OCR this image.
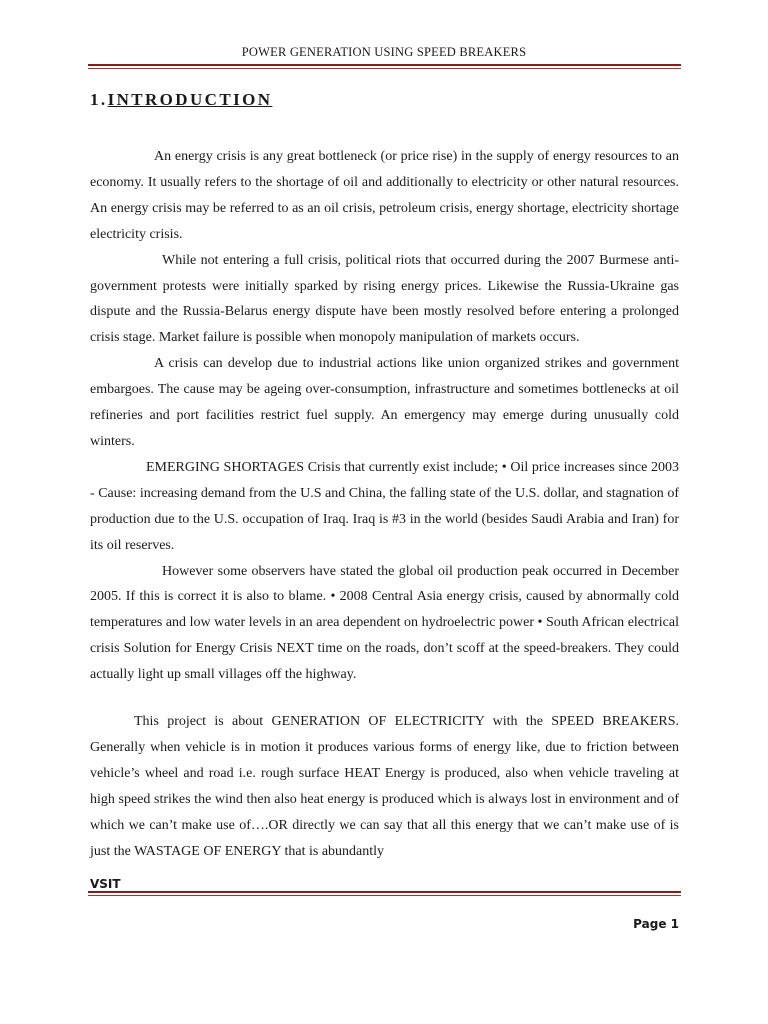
POWER GENERATION USING SPEED BREAKERS
1.INTRODUCTION

An energy crisis is any great bottleneck (or price rise) in the supply of energy resources to an economy. It usually refers to the shortage of oil and additionally to electricity or other natural resources. An energy crisis may be referred to as an oil crisis, petroleum crisis, energy shortage, electricity shortage electricity crisis.

While not entering a full crisis, political riots that occurred during the 2007 Burmese anti-government protests were initially sparked by rising energy prices. Likewise the Russia-Ukraine gas dispute and the Russia-Belarus energy dispute have been mostly resolved before entering a prolonged crisis stage. Market failure is possible when monopoly manipulation of markets occurs.

A crisis can develop due to industrial actions like union organized strikes and government embargoes. The cause may be ageing over-consumption, infrastructure and sometimes bottlenecks at oil refineries and port facilities restrict fuel supply. An emergency may emerge during unusually cold winters.

EMERGING SHORTAGES Crisis that currently exist include; • Oil price increases since 2003 - Cause: increasing demand from the U.S and China, the falling state of the U.S. dollar, and stagnation of production due to the U.S. occupation of Iraq. Iraq is #3 in the world (besides Saudi Arabia and Iran) for its oil reserves.

However some observers have stated the global oil production peak occurred in December 2005. If this is correct it is also to blame. • 2008 Central Asia energy crisis, caused by abnormally cold temperatures and low water levels in an area dependent on hydroelectric power • South African electrical crisis Solution for Energy Crisis NEXT time on the roads, don’t scoff at the speed-breakers. They could actually light up small villages off the highway.

This project is about GENERATION OF ELECTRICITY with the SPEED BREAKERS. Generally when vehicle is in motion it produces various forms of energy like, due to friction between vehicle’s wheel and road i.e. rough surface HEAT Energy is produced, also when vehicle traveling at high speed strikes the wind then also heat energy is produced which is always lost in environment and of which we can’t make use of….OR directly we can say that all this energy that we can’t make use of is just the WASTAGE OF ENERGY that is abundantly

VSIT
Page 1
